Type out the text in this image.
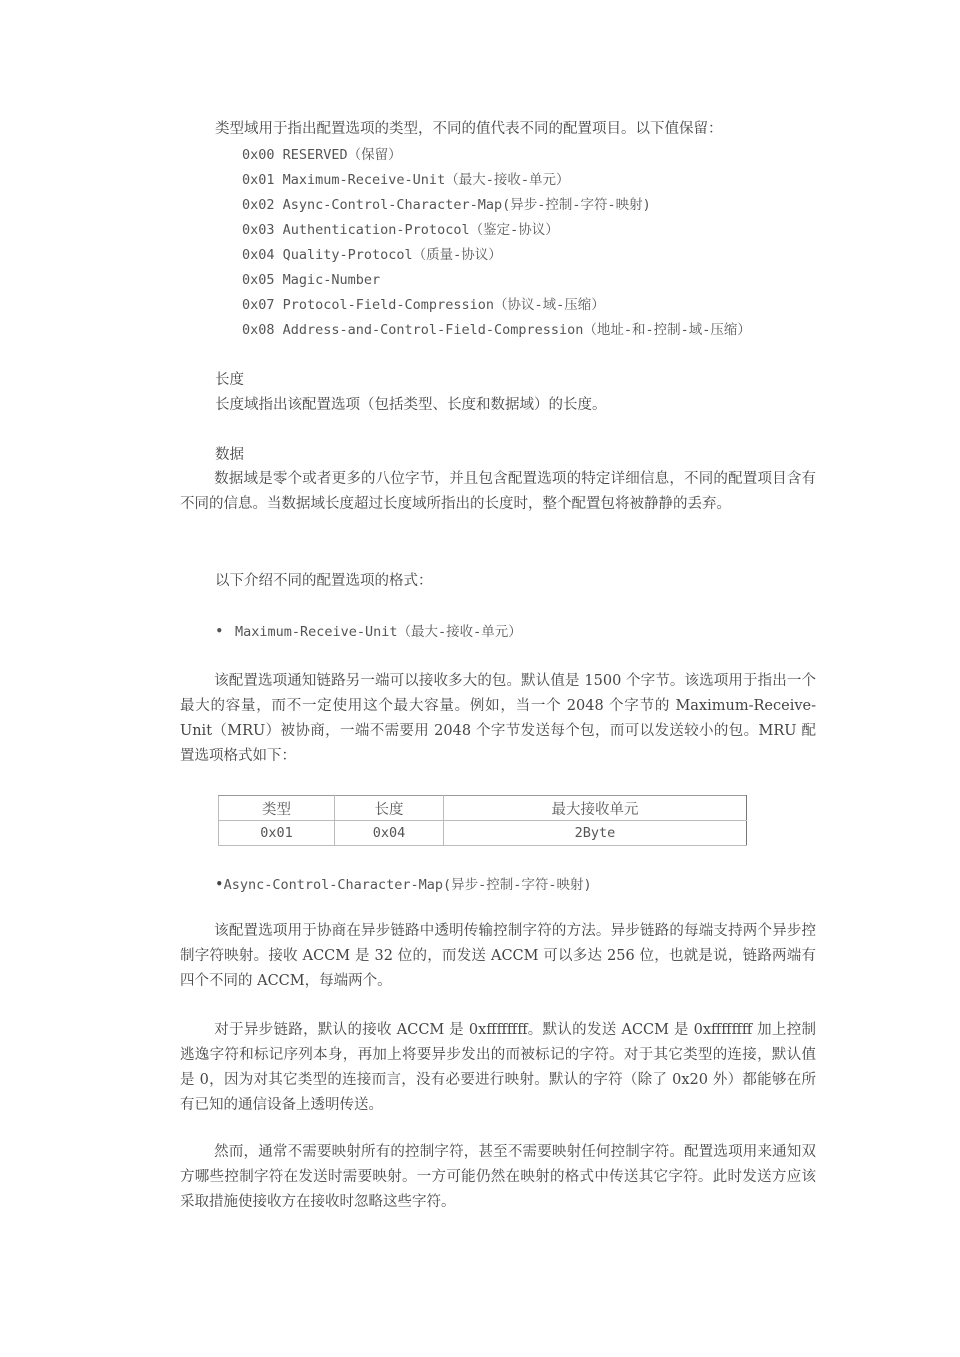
类型域用于指出配置选项的类型，不同的值代表不同的配置项目。以下值保留：
0x00 RESERVED（保留）
0x01 Maximum-Receive-Unit（最大-接收-单元）
0x02 Async-Control-Character-Map(异步-控制-字符-映射)
0x03 Authentication-Protocol（鉴定-协议）
0x04 Quality-Protocol（质量-协议）
0x05 Magic-Number
0x07 Protocol-Field-Compression（协议-域-压缩）
0x08 Address-and-Control-Field-Compression（地址-和-控制-域-压缩）
长度
长度域指出该配置选项（包括类型、长度和数据域）的长度。
数据
数据域是零个或者更多的八位字节，并且包含配置选项的特定详细信息，不同的配置项目含有不同的信息。当数据域长度超过长度域所指出的长度时，整个配置包将被静静的丢弃。
以下介绍不同的配置选项的格式：
• Maximum-Receive-Unit（最大-接收-单元）
该配置选项通知链路另一端可以接收多大的包。默认值是 1500 个字节。该选项用于指出一个最大的容量，而不一定使用这个最大容量。例如，当一个 2048 个字节的 Maximum-Receive-Unit（MRU）被协商，一端不需要用 2048 个字节发送每个包，而可以发送较小的包。MRU 配置选项格式如下：
类型	长度	最大接收单元
0x01	0x04	2Byte
•Async-Control-Character-Map(异步-控制-字符-映射)
该配置选项用于协商在异步链路中透明传输控制字符的方法。异步链路的每端支持两个异步控制字符映射。接收 ACCM 是 32 位的，而发送 ACCM 可以多达 256 位，也就是说，链路两端有四个不同的 ACCM，每端两个。
对于异步链路，默认的接收 ACCM 是 0xffffffff。默认的发送 ACCM 是 0xffffffff 加上控制逃逸字符和标记序列本身，再加上将要异步发出的而被标记的字符。对于其它类型的连接，默认值是 0，因为对其它类型的连接而言，没有必要进行映射。默认的字符（除了 0x20 外）都能够在所有已知的通信设备上透明传送。
然而，通常不需要映射所有的控制字符，甚至不需要映射任何控制字符。配置选项用来通知双方哪些控制字符在发送时需要映射。一方可能仍然在映射的格式中传送其它字符。此时发送方应该采取措施使接收方在接收时忽略这些字符。
